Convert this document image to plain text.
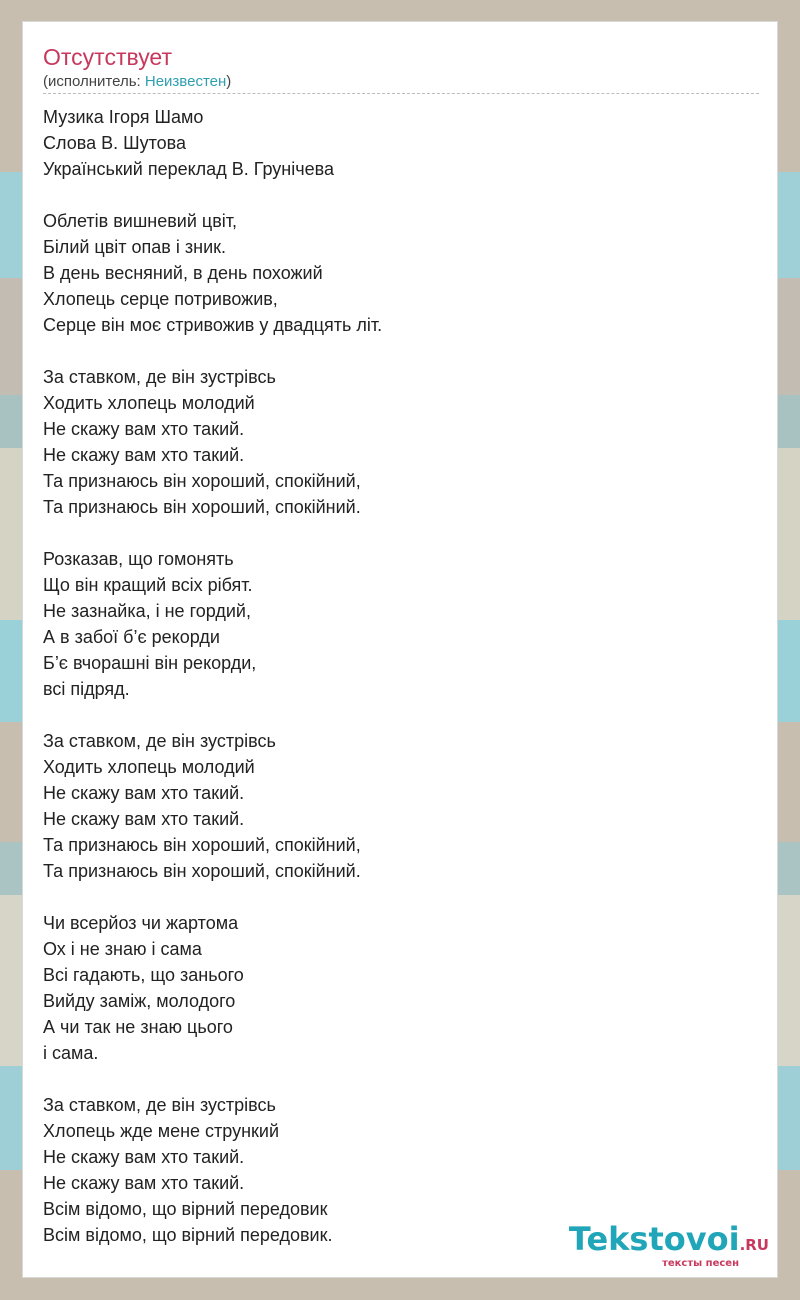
Отсутствует
(исполнитель: Неизвестен)
Музика Ігоря Шамо
Слова В. Шутова
Український переклад В. Грунічева
Облетів вишневий цвіт,
Білий цвіт опав і зник.
В день весняний, в день похожий
Хлопець серце потривожив,
Серце він моє стривожив у двадцять літ.
За ставком, де він зустрівсь
Ходить хлопець молодий
Не скажу вам хто такий.
Не скажу вам хто такий.
Та признаюсь він хороший, спокійний,
Та признаюсь він хороший, спокійний.
Розказав, що гомонять
Що він кращий всіх рібят.
Не зазнайка, і не гордий,
А в забої б’є рекорди
Б’є вчорашні він рекорди,
всі підряд.
За ставком, де він зустрівсь
Ходить хлопець молодий
Не скажу вам хто такий.
Не скажу вам хто такий.
Та признаюсь він хороший, спокійний,
Та признаюсь він хороший, спокійний.
Чи всерйоз чи жартома
Ох і не знаю і сама
Всі гадають, що занього
Вийду заміж, молодого
А чи так не знаю цього
і сама.
За ставком, де він зустрівсь
Хлопець жде мене стрункий
Не скажу вам хто такий.
Не скажу вам хто такий.
Всім відомо, що вірний передовик
Всім відомо, що вірний передовик.	Tekstovoi.RU
тексты песен
